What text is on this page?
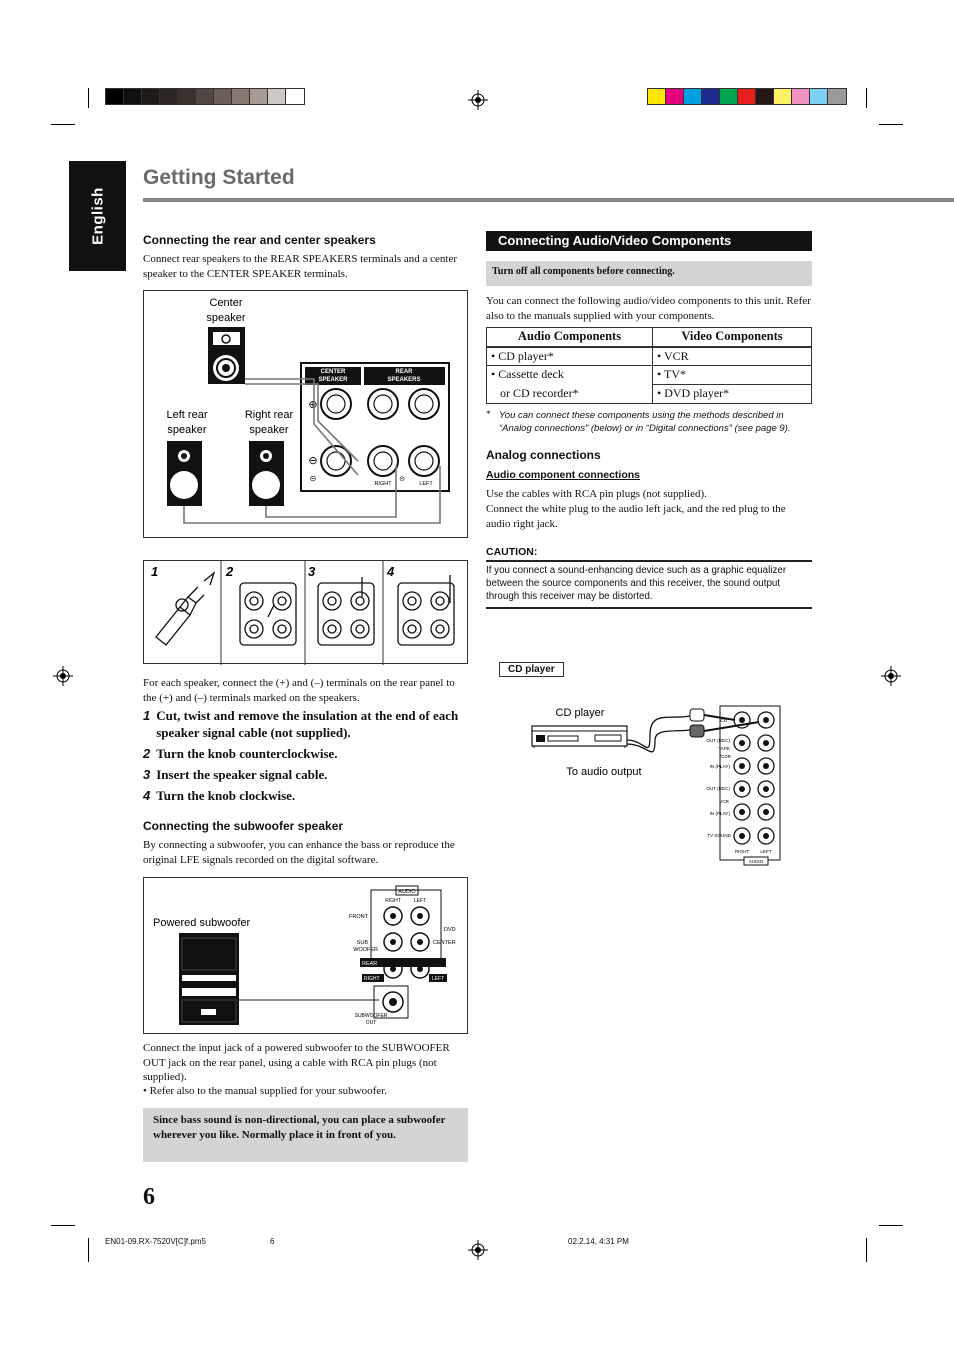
English
Getting Started
Connecting the rear and center speakers
Connect rear speakers to the REAR SPEAKERS terminals and a center speaker to the CENTER SPEAKER terminals.
Center speaker
Left rear speaker
Right rear speaker
CENTER
SPEAKER
REAR
SPEAKERS
⊕
⊖
⊝
RIGHT
⊝
LEFT
1	2	3	4
For each speaker, connect the (+) and (–) terminals on the rear panel to the (+) and (–) terminals marked on the speakers.
1 Cut, twist and remove the insulation at the end of each speaker signal cable (not supplied).
2 Turn the knob counterclockwise.
3 Insert the speaker signal cable.
4 Turn the knob clockwise.
Connecting the subwoofer speaker
By connecting a subwoofer, you can enhance the bass or reproduce the original LFE signals recorded on the digital software.
Powered subwoofer
AUDIO
RIGHT	LEFT
FRONT
DVD
SUB
WOOFER
CENTER
REAR
RIGHT	LEFT
SUBWOOFER
OUT
Connect the input jack of a powered subwoofer to the SUBWOOFER OUT jack on the rear panel, using a cable with RCA pin plugs (not supplied).
• Refer also to the manual supplied for your subwoofer.
Since bass sound is non-directional, you can place a subwoofer wherever you like. Normally place it in front of you.
6
Connecting Audio/Video Components
Turn off all components before connecting.
You can connect the following audio/video components to this unit. Refer also to the manuals supplied with your components.
Audio Components	Video Components
• CD player*	• VCR
• Cassette deck	• TV*
or CD recorder*	• DVD player*
* You can connect these components using the methods described in “Analog connections” (below) or in “Digital connections” (see page 9).
Analog connections
Audio component connections
Use the cables with RCA pin plugs (not supplied).
Connect the white plug to the audio left jack, and the red plug to the audio right jack.
CAUTION:
If you connect a sound-enhancing device such as a graphic equalizer between the source components and this receiver, the sound output through this receiver may be distorted.
CD player
CD player
To audio output
CD
OUT (REC)
TAPE
/CDR
IN (PLAY)
OUT (REC)
VCR
IN (PLAY)
TV SOUND
RIGHT LEFT
AUDIO
EN01-09.RX-7520V[C]f.pm5	6	02.2.14, 4:31 PM
